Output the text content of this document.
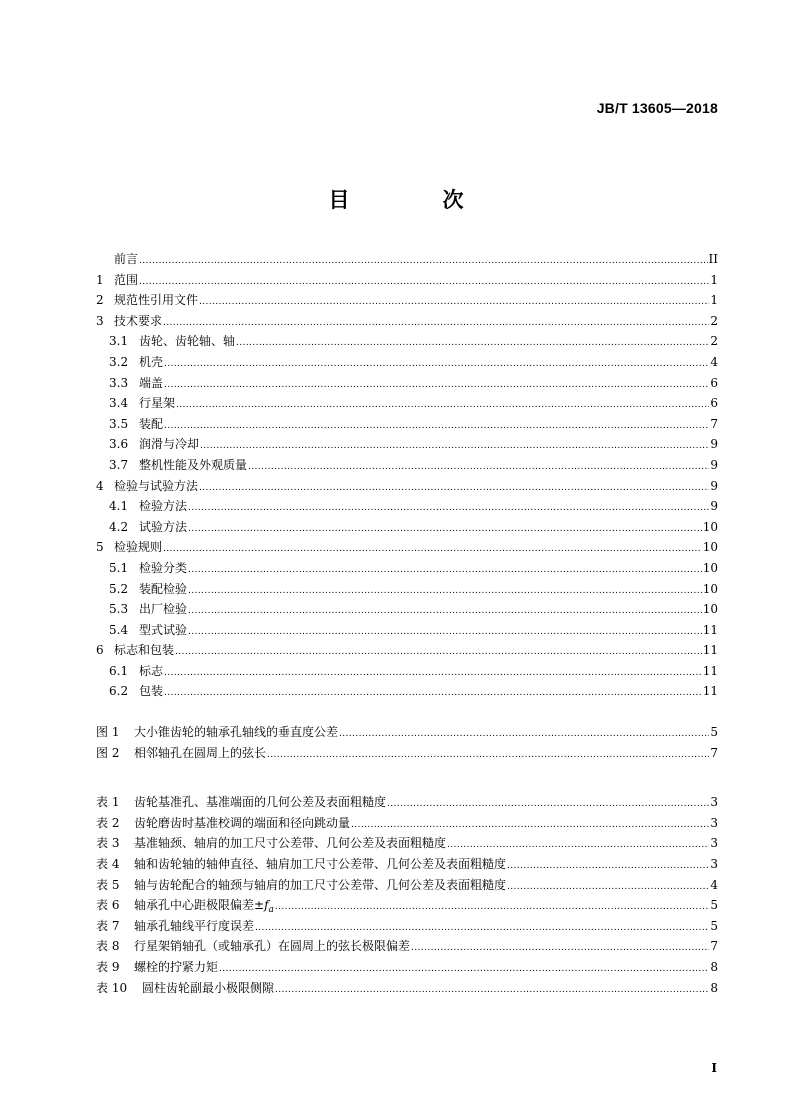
JB/T 13605—2018
目　次
前言 .....	II
1 范围 .....	1
2 规范性引用文件 .....	1
3 技术要求 .....	2
3.1 齿轮、齿轮轴、轴 .....	2
3.2 机壳 .....	4
3.3 端盖 .....	6
3.4 行星架 .....	6
3.5 装配 .....	7
3.6 润滑与冷却 .....	9
3.7 整机性能及外观质量 .....	9
4 检验与试验方法 .....	9
4.1 检验方法 .....	9
4.2 试验方法 .....	10
5 检验规则 .....	10
5.1 检验分类 .....	10
5.2 装配检验 .....	10
5.3 出厂检验 .....	10
5.4 型式试验 .....	11
6 标志和包装 .....	11
6.1 标志 .....	11
6.2 包装 .....	11
图 1	大小锥齿轮的轴承孔轴线的垂直度公差 .....	5
图 2	相邻轴孔在圆周上的弦长 .....	7
表 1	齿轮基准孔、基准端面的几何公差及表面粗糙度 .....	3
表 2	齿轮磨齿时基准校调的端面和径向跳动量 .....	3
表 3	基准轴颈、轴肩的加工尺寸公差带、几何公差及表面粗糙度 .....	3
表 4	轴和齿轮轴的轴伸直径、轴肩加工尺寸公差带、几何公差及表面粗糙度 .....	3
表 5	轴与齿轮配合的轴颈与轴肩的加工尺寸公差带、几何公差及表面粗糙度 .....	4
表 6	轴承孔中心距极限偏差$\pm f_a$ .....	5
表 7	轴承孔轴线平行度误差 .....	5
表 8	行星架销轴孔（或轴承孔）在圆周上的弦长极限偏差 .....	7
表 9	螺栓的拧紧力矩 .....	8
表 10	圆柱齿轮副最小极限侧隙 .....	8
I
